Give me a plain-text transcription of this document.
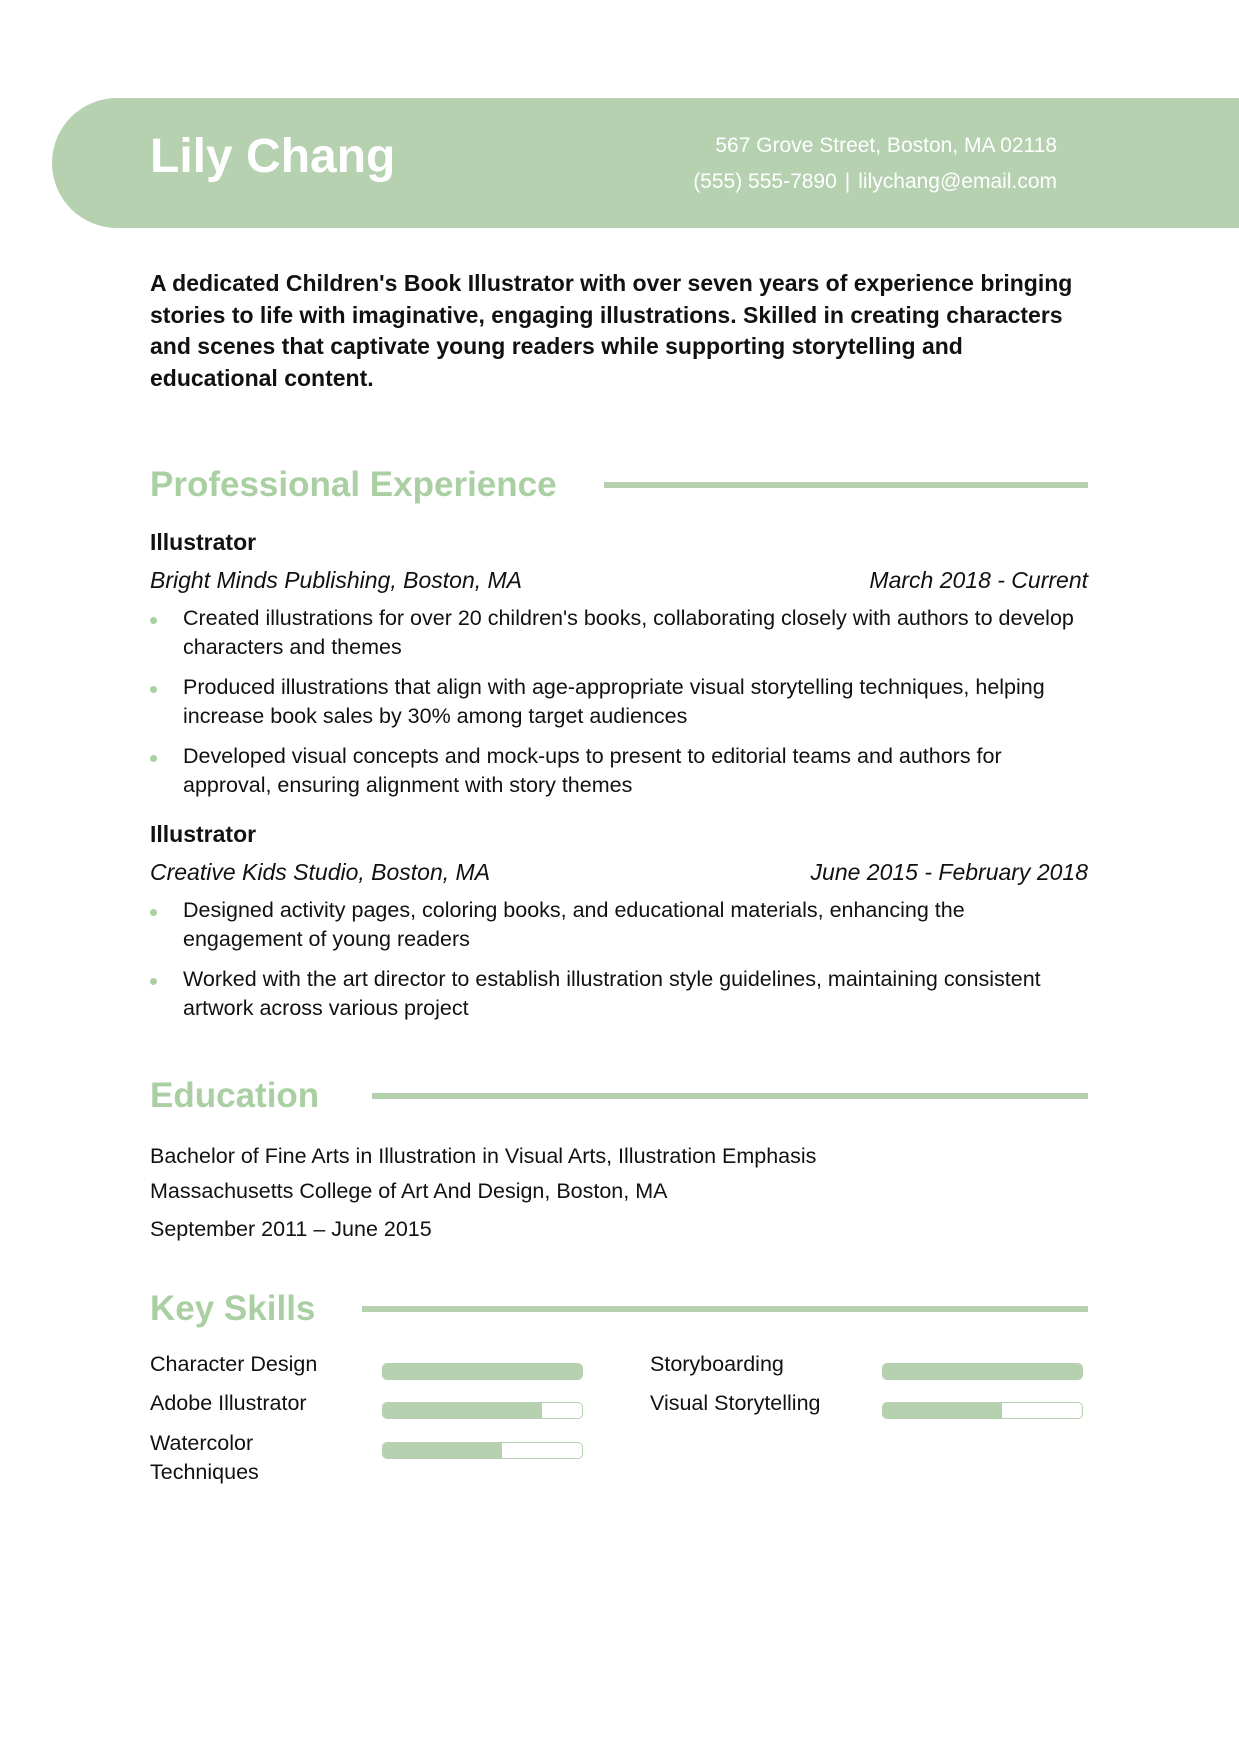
Lily Chang	567 Grove Street, Boston, MA 02118
(555) 555-7890 | lilychang@email.com

A dedicated Children's Book Illustrator with over seven years of experience bringing stories to life with imaginative, engaging illustrations. Skilled in creating characters and scenes that captivate young readers while supporting storytelling and educational content.

Professional Experience
Illustrator
Bright Minds Publishing, Boston, MA	March 2018 - Current
Created illustrations for over 20 children's books, collaborating closely with authors to develop characters and themes
Produced illustrations that align with age-appropriate visual storytelling techniques, helping increase book sales by 30% among target audiences
Developed visual concepts and mock-ups to present to editorial teams and authors for approval, ensuring alignment with story themes
Illustrator
Creative Kids Studio, Boston, MA	June 2015 - February 2018
Designed activity pages, coloring books, and educational materials, enhancing the engagement of young readers
Worked with the art director to establish illustration style guidelines, maintaining consistent artwork across various project
Education
Bachelor of Fine Arts in Illustration in Visual Arts, Illustration Emphasis
Massachusetts College of Art And Design, Boston, MA
September 2011 – June 2015
Key Skills
Character Design
Adobe Illustrator
Watercolor Techniques
Storyboarding
Visual Storytelling
